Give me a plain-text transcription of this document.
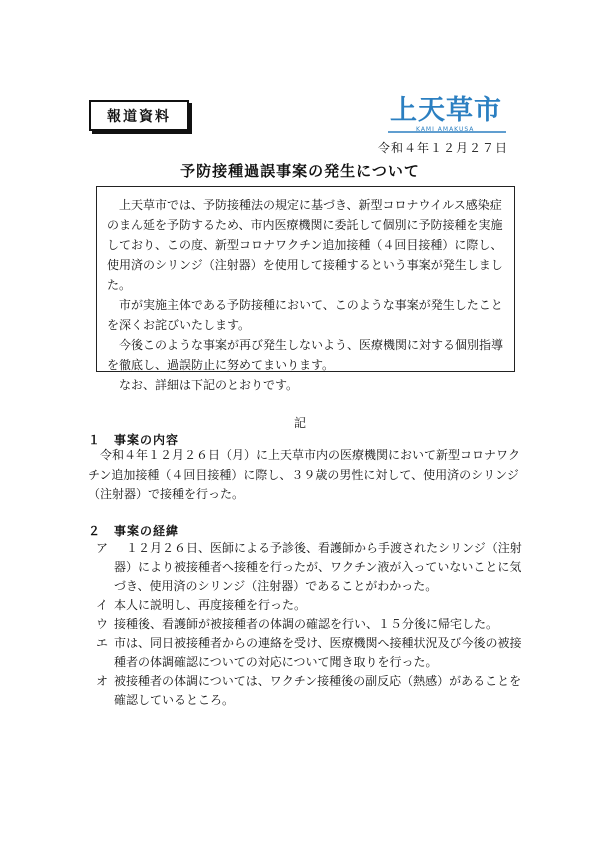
報道資料	上天草市
KAMI AMAKUSA
令和４年１２月２７日
予防接種過誤事案の発生について

上天草市では、予防接種法の規定に基づき、新型コロナウイルス感染症のまん延を予防するため、市内医療機関に委託して個別に予防接種を実施しており、この度、新型コロナワクチン追加接種（４回目接種）に際し、使用済のシリンジ（注射器）を使用して接種するという事案が発生しました。

市が実施主体である予防接種において、このような事案が発生したことを深くお詫びいたします。

今後このような事案が再び発生しないよう、医療機関に対する個別指導を徹底し、過誤防止に努めてまいります。

なお、詳細は下記のとおりです。

記
１　事案の内容
令和４年１２月２６日（月）に上天草市内の医療機関において新型コロナワクチン追加接種（４回目接種）に際し、３９歳の男性に対して、使用済のシリンジ（注射器）で接種を行った。
２　事案の経緯
ア 　１２月２６日、医師による予診後、看護師から手渡されたシリンジ（注射器）により被接種者へ接種を行ったが、ワクチン液が入っていないことに気づき、使用済のシリンジ（注射器）であることがわかった。
イ 本人に説明し、再度接種を行った。
ウ 接種後、看護師が被接種者の体調の確認を行い、１５分後に帰宅した。
エ 市は、同日被接種者からの連絡を受け、医療機関へ接種状況及び今後の被接種者の体調確認についての対応について聞き取りを行った。
オ 被接種者の体調については、ワクチン接種後の副反応（熱感）があることを確認しているところ。
